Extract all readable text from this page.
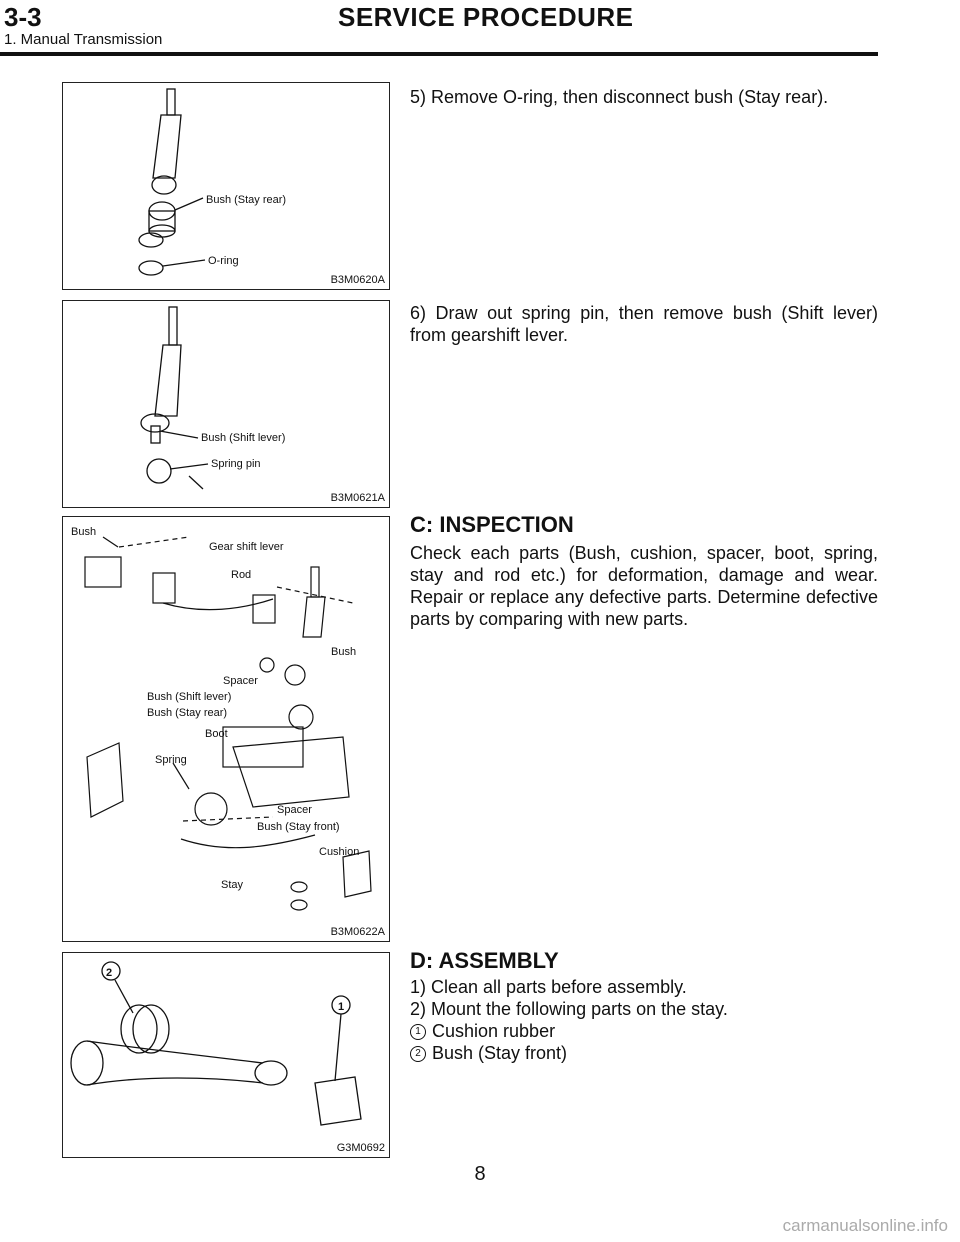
3-3	SERVICE PROCEDURE
1. Manual Transmission
Bush (Stay rear)
O-ring
B3M0620A
Bush (Shift lever)
Spring pin
B3M0621A
Bush
Gear shift lever
Rod
Bush
Spacer
Bush (Shift lever)
Bush (Stay rear)
Boot
Spring
Spacer
Bush (Stay front)
Cushion
Stay
B3M0622A
2
1
G3M0692
5) Remove O-ring, then disconnect bush (Stay rear).
6) Draw out spring pin, then remove bush (Shift lever) from gearshift lever.
C: INSPECTION
Check each parts (Bush, cushion, spacer, boot, spring, stay and rod etc.) for deformation, damage and wear. Repair or replace any defective parts. Determine defective parts by comparing with new parts.
D: ASSEMBLY
1) Clean all parts before assembly.
2) Mount the following parts on the stay.
1 Cushion rubber
2 Bush (Stay front)
8
carmanualsonline.info
